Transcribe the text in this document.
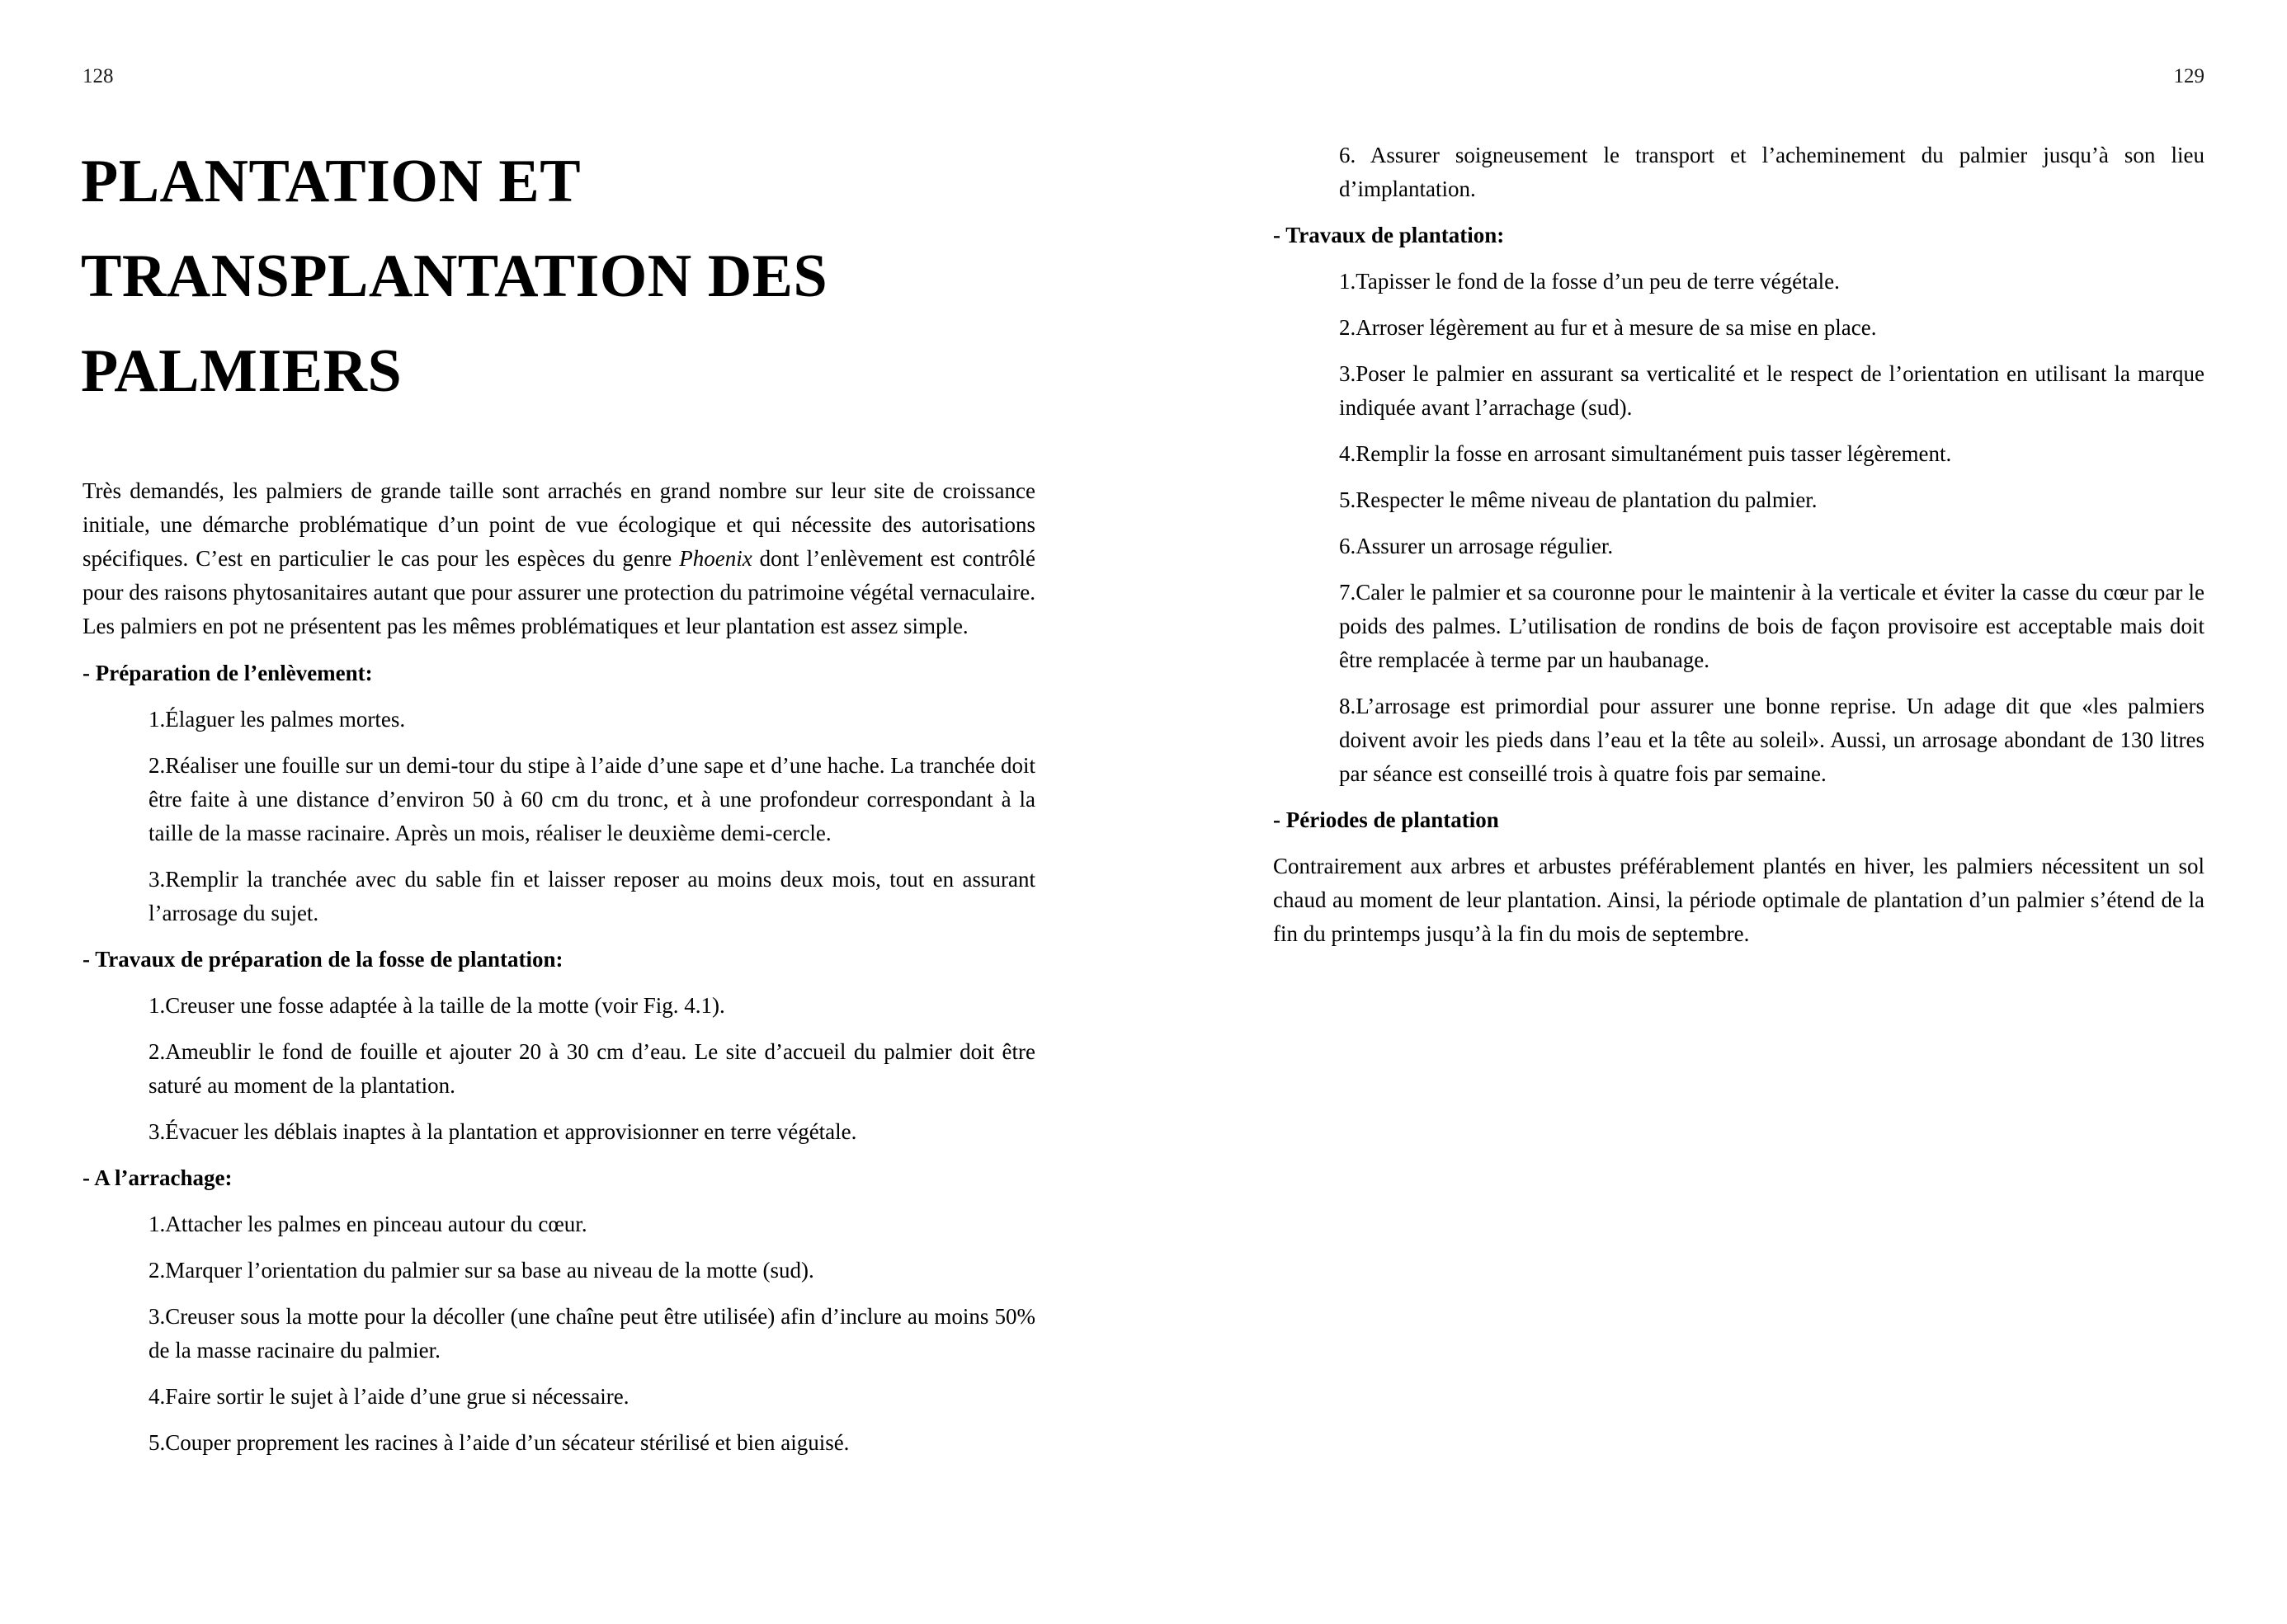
128
PLANTATION ET
TRANSPLANTATION DES
PALMIERS

Très demandés, les palmiers de grande taille sont arrachés en grand nombre sur leur site de croissance initiale, une démarche problématique d’un point de vue écologique et qui nécessite des autorisations spécifiques. C’est en particulier le cas pour les espèces du genre Phoenix dont l’enlèvement est contrôlé pour des raisons phytosanitaires autant que pour assurer une protection du patrimoine végétal vernaculaire. Les palmiers en pot ne présentent pas les mêmes problématiques et leur plantation est assez simple.

- Préparation de l’enlèvement:

1.Élaguer les palmes mortes.

2.Réaliser une fouille sur un demi-tour du stipe à l’aide d’une sape et d’une hache. La tranchée doit être faite à une distance d’environ 50 à 60 cm du tronc, et à une profondeur correspondant à la taille de la masse racinaire. Après un mois, réaliser le deuxième demi-cercle.

3.Remplir la tranchée avec du sable fin et laisser reposer au moins deux mois, tout en assurant l’arrosage du sujet.

- Travaux de préparation de la fosse de plantation:

1.Creuser une fosse adaptée à la taille de la motte (voir Fig. 4.1).

2.Ameublir le fond de fouille et ajouter 20 à 30 cm d’eau. Le site d’accueil du palmier doit être saturé au moment de la plantation.

3.Évacuer les déblais inaptes à la plantation et approvisionner en terre végétale.

- A l’arrachage:

1.Attacher les palmes en pinceau autour du cœur.

2.Marquer l’orientation du palmier sur sa base au niveau de la motte (sud).

3.Creuser sous la motte pour la décoller (une chaîne peut être utilisée) afin d’inclure au moins 50% de la masse racinaire du palmier.

4.Faire sortir le sujet à l’aide d’une grue si nécessaire.

5.Couper proprement les racines à l’aide d’un sécateur stérilisé et bien aiguisé.

129

6. Assurer soigneusement le transport et l’acheminement du palmier jusqu’à son lieu d’implantation.

- Travaux de plantation:

1.Tapisser le fond de la fosse d’un peu de terre végétale.

2.Arroser légèrement au fur et à mesure de sa mise en place.

3.Poser le palmier en assurant sa verticalité et le respect de l’orientation en utilisant la marque indiquée avant l’arrachage (sud).

4.Remplir la fosse en arrosant simultanément puis tasser légèrement.

5.Respecter le même niveau de plantation du palmier.

6.Assurer un arrosage régulier.

7.Caler le palmier et sa couronne pour le maintenir à la verticale et éviter la casse du cœur par le poids des palmes. L’utilisation de rondins de bois de façon provisoire est acceptable mais doit être remplacée à terme par un haubanage.

8.L’arrosage est primordial pour assurer une bonne reprise. Un adage dit que «les palmiers doivent avoir les pieds dans l’eau et la tête au soleil». Aussi, un arrosage abondant de 130 litres par séance est conseillé trois à quatre fois par semaine.

- Périodes de plantation

Contrairement aux arbres et arbustes préférablement plantés en hiver, les palmiers nécessitent un sol chaud au moment de leur plantation. Ainsi, la période optimale de plantation d’un palmier s’étend de la fin du printemps jusqu’à la fin du mois de septembre.
